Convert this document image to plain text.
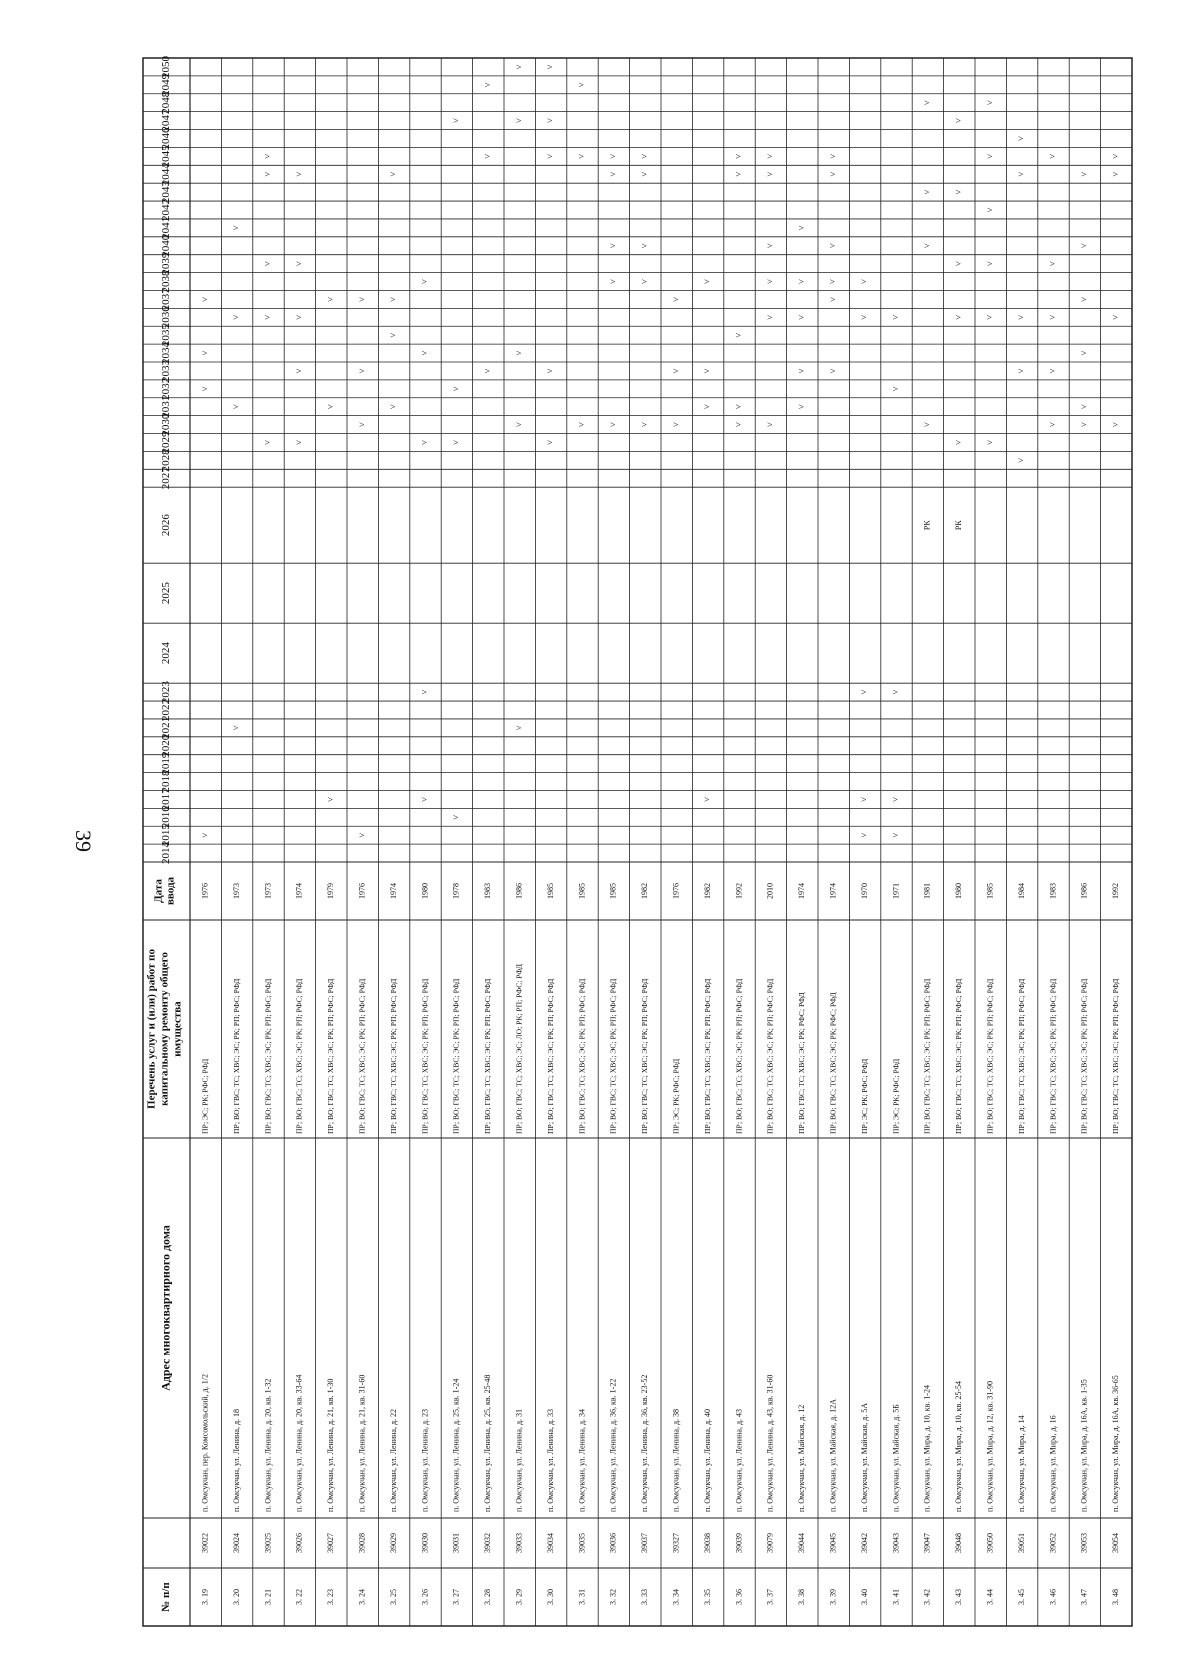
39
№ п/п
Адрес многоквартирного дома
Перечень услуг и (или) работ покапитальному ремонту общегоимущества
Датаввода
2014
2015
2016
2017
2018
2019
2020
2021
2022
2023
2024
2025
2026
2027
2028
2029
2030
2031
2032
2033
2034
2035
2036
2037
2038
2039
2040
2041
2042
2043
2044
2045
2046
2047
2048
2049
2050
3. 19
39022
п. Омсукчан, пер. Комсомольский, д. 1/2
ПР; ЭС; РК; РФС; РФД
1976
˅
˅
˅
˅
3. 20
39024
п. Омсукчан, ул. Ленина, д. 18
ПР; ВО; ГВС; ТС; ХВС; ЭС; РК; РП; РФС; РФД
1973
˅
˅
˅
˅
3. 21
39025
п. Омсукчан, ул. Ленина, д. 20, кв. 1-32
ПР; ВО; ГВС; ТС; ХВС; ЭС; РК; РП; РФС; РФД
1973
˅
˅
˅
˅
˅
3. 22
39026
п. Омсукчан, ул. Ленина, д. 20, кв. 33-64
ПР; ВО; ГВС; ТС; ХВС; ЭС; РК; РП; РФС; РФД
1974
˅
˅
˅
˅
˅
3. 23
39027
п. Омсукчан, ул. Ленина, д. 21, кв. 1-30
ПР; ВО; ГВС; ТС; ХВС; ЭС; РК; РП; РФС; РФД
1979
˅
˅
˅
3. 24
39028
п. Омсукчан, ул. Ленина, д. 21, кв. 31-60
ПР; ВО; ГВС; ТС; ХВС; ЭС; РК; РП; РФС; РФД
1976
˅
˅
˅
˅
3. 25
39029
п. Омсукчан, ул. Ленина, д. 22
ПР; ВО; ГВС; ТС; ХВС; ЭС; РК; РП; РФС; РФД
1974
˅
˅
˅
˅
3. 26
39030
п. Омсукчан, ул. Ленина, д. 23
ПР; ВО; ГВС; ТС; ХВС; ЭС; РК; РП; РФС; РФД
1980
˅
˅
˅
˅
˅
3. 27
39031
п. Омсукчан, ул. Ленина, д. 25, кв. 1-24
ПР; ВО; ГВС; ТС; ХВС; ЭС; РК; РП; РФС; РФД
1978
˅
˅
˅
˅
3. 28
39032
п. Омсукчан, ул. Ленина, д. 25, кв. 25-48
ПР; ВО; ГВС; ТС; ХВС; ЭС; РК; РП; РФС; РФД
1983
˅
˅
˅
3. 29
39033
п. Омсукчан, ул. Ленина, д. 31
ПР; ВО; ГВС; ТС; ХВС; ЭС; ЛО; РК; РП; РФС; РФД
1986
˅
˅
˅
˅
˅
3. 30
39034
п. Омсукчан, ул. Ленина, д. 33
ПР; ВО; ГВС; ТС; ХВС; ЭС; РК; РП; РФС; РФД
1985
˅
˅
˅
˅
˅
3. 31
39035
п. Омсукчан, ул. Ленина, д. 34
ПР; ВО; ГВС; ТС; ХВС; ЭС; РК; РП; РФС; РФД
1985
˅
˅
˅
3. 32
39036
п. Омсукчан, ул. Ленина, д. 36, кв. 1-22
ПР; ВО; ГВС; ТС; ХВС; ЭС; РК; РП; РФС; РФД
1985
˅
˅
˅
˅
˅
3. 33
39037
п. Омсукчан, ул. Ленина, д. 36, кв. 23-52
ПР; ВО; ГВС; ТС; ХВС; ЭС; РК; РП; РФС; РФД
1982
˅
˅
˅
˅
˅
3. 34
39327
п. Омсукчан, ул. Ленина, д. 38
ПР; ЭС; РК; РФС; РФД
1976
˅
˅
˅
3. 35
39038
п. Омсукчан, ул. Ленина, д. 40
ПР; ВО; ГВС; ТС; ХВС; ЭС; РК; РП; РФС; РФД
1982
˅
˅
˅
˅
3. 36
39039
п. Омсукчан, ул. Ленина, д. 43
ПР; ВО; ГВС; ТС; ХВС; ЭС; РК; РП; РФС; РФД
1992
˅
˅
˅
˅
˅
3. 37
39079
п. Омсукчан, ул. Ленина, д. 43, кв. 31-60
ПР; ВО; ГВС; ТС; ХВС; ЭС; РК; РП; РФС; РФД
2010
˅
˅
˅
˅
˅
˅
3. 38
39044
п. Омсукчан, ул. Майская, д. 12
ПР; ВО; ГВС; ТС; ХВС; ЭС; РК; РФС; РФД
1974
˅
˅
˅
˅
˅
3. 39
39045
п. Омсукчан, ул. Майская, д. 12А
ПР; ВО; ГВС; ТС; ХВС; ЭС; РК; РФС; РФД
1974
˅
˅
˅
˅
˅
˅
3. 40
39042
п. Омсукчан, ул. Майская, д. 5А
ПР; ЭС; РК; РФС; РФД
1970
˅
˅
˅
˅
˅
3. 41
39043
п. Омсукчан, ул. Майская, д. 5Б
ПР; ЭС; РК; РФС; РФД
1971
˅
˅
˅
˅
˅
3. 42
39047
п. Омсукчан, ул. Мира, д. 10, кв. 1-24
ПР; ВО; ГВС; ТС; ХВС; ЭС; РК; РП; РФС; РФД
1981
РК
˅
˅
˅
˅
3. 43
39048
п. Омсукчан, ул. Мира, д. 10, кв. 25-54
ПР; ВО; ГВС; ТС; ХВС; ЭС; РК; РП; РФС; РФД
1980
РК
˅
˅
˅
˅
˅
3. 44
39050
п. Омсукчан, ул. Мира, д. 12, кв. 31-90
ПР; ВО; ГВС; ТС; ХВС; ЭС; РК; РП; РФС; РФД
1985
˅
˅
˅
˅
˅
˅
3. 45
39051
п. Омсукчан, ул. Мира, д. 14
ПР; ВО; ГВС; ТС; ХВС; ЭС; РК; РП; РФС; РФД
1984
˅
˅
˅
˅
˅
3. 46
39052
п. Омсукчан, ул. Мира, д. 16
ПР; ВО; ГВС; ТС; ХВС; ЭС; РК; РП; РФС; РФД
1983
˅
˅
˅
˅
˅
3. 47
39053
п. Омсукчан, ул. Мира, д. 16А, кв. 1-35
ПР; ВО; ГВС; ТС; ХВС; ЭС; РК; РП; РФС; РФД
1986
˅
˅
˅
˅
˅
˅
3. 48
39054
п. Омсукчан, ул. Мира, д. 16А, кв. 36-65
ПР; ВО; ГВС; ТС; ХВС; ЭС; РК; РП; РФС; РФД
1992
˅
˅
˅
˅
